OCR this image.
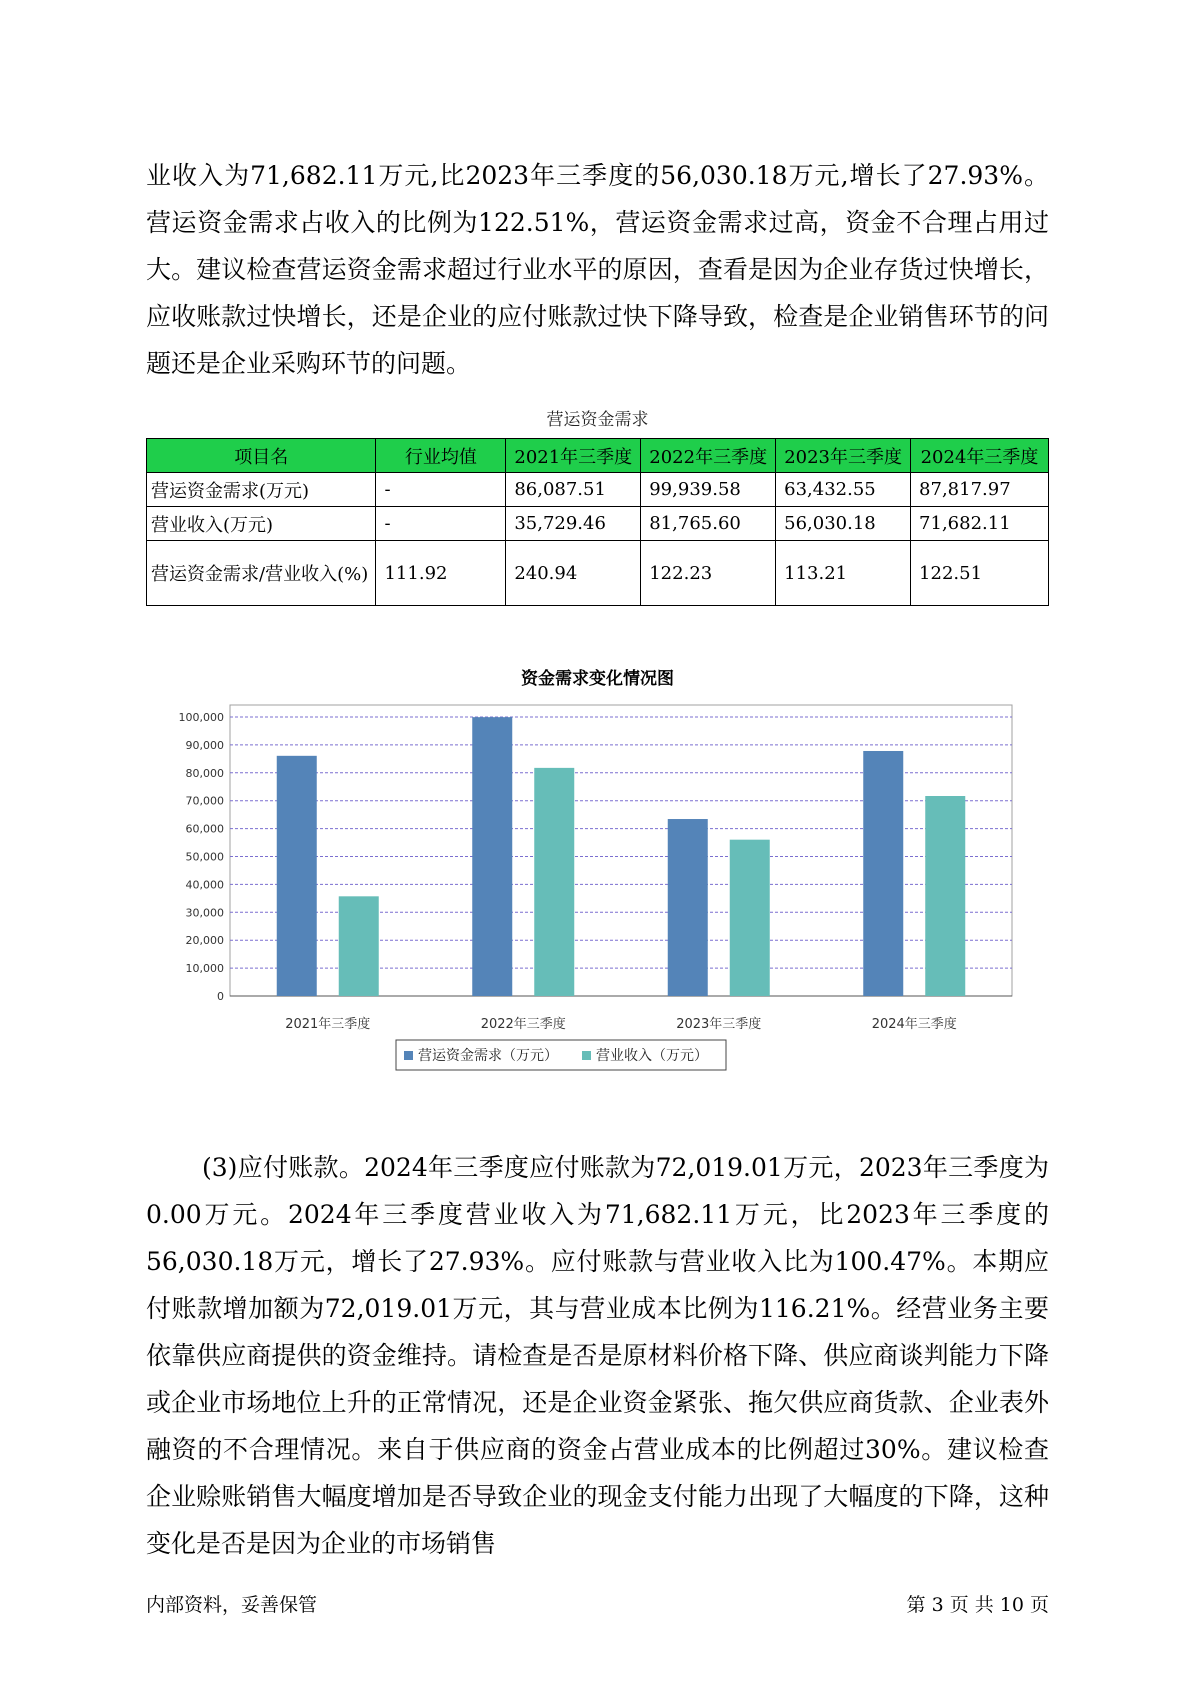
业收入为71,682.11万元,比2023年三季度的56,030.18万元,增长了27.93%。营运资金需求占收入的比例为122.51%，营运资金需求过高，资金不合理占用过大。建议检查营运资金需求超过行业水平的原因，查看是因为企业存货过快增长，应收账款过快增长，还是企业的应付账款过快下降导致，检查是企业销售环节的问题还是企业采购环节的问题。

营运资金需求
项目名	行业均值	2021年三季度	2022年三季度	2023年三季度	2024年三季度
营运资金需求(万元)	-	86,087.51	99,939.58	63,432.55	87,817.97
营业收入(万元)	-	35,729.46	81,765.60	56,030.18	71,682.11
营运资金需求/营业收入(%)	111.92	240.94	122.23	113.21	122.51
资金需求变化情况图
0
10,000
20,000
30,000
40,000
50,000
60,000
70,000
80,000
90,000
100,000
2021年三季度	2022年三季度	2023年三季度	2024年三季度
营运资金需求（万元）	营业收入（万元）

(3)应付账款。2024年三季度应付账款为72,019.01万元，2023年三季度为0.00万元。2024年三季度营业收入为71,682.11万元，比2023年三季度的56,030.18万元，增长了27.93%。应付账款与营业收入比为100.47%。本期应付账款增加额为72,019.01万元，其与营业成本比例为116.21%。经营业务主要依靠供应商提供的资金维持。请检查是否是原材料价格下降、供应商谈判能力下降或企业市场地位上升的正常情况，还是企业资金紧张、拖欠供应商货款、企业表外融资的不合理情况。来自于供应商的资金占营业成本的比例超过30%。建议检查企业赊账销售大幅度增加是否导致企业的现金支付能力出现了大幅度的下降，这种变化是否是因为企业的市场销售

内部资料，妥善保管	第 3 页 共 10 页
